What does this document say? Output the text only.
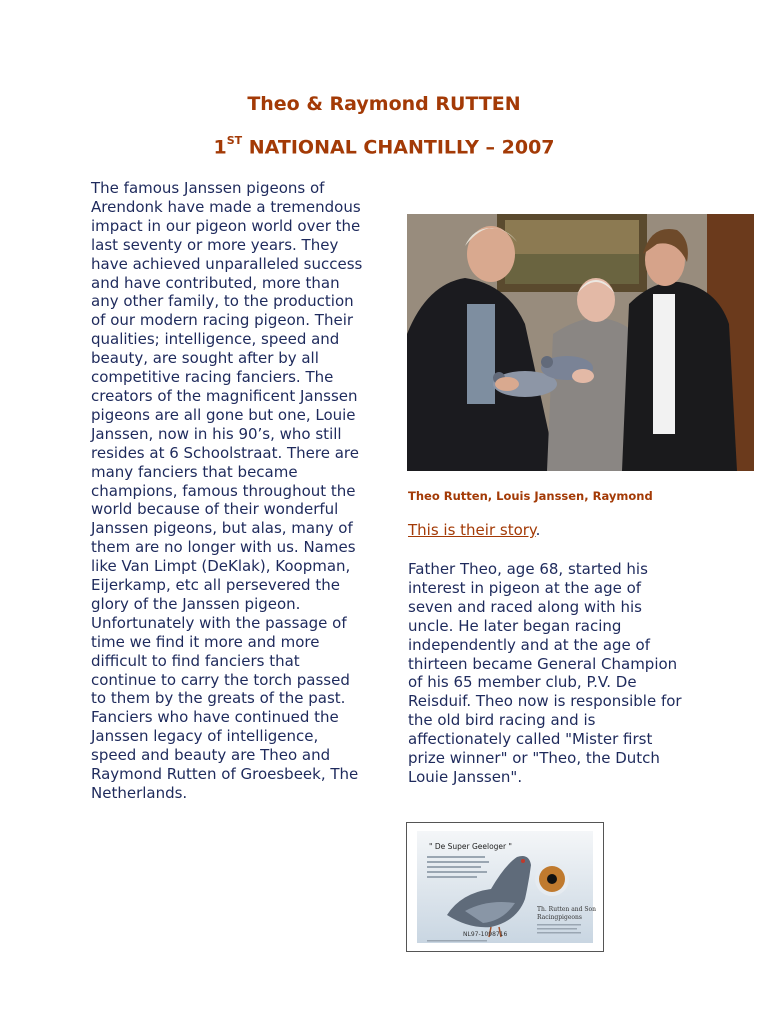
Theo & Raymond RUTTEN
1ST NATIONAL CHANTILLY – 2007

The famous Janssen pigeons of Arendonk have made a tremendous impact in our pigeon world over the last seventy or more years. They have achieved unparalleled success and have contributed, more than any other family, to the production of our modern racing pigeon. Their qualities; intelligence, speed and beauty, are sought after by all competitive racing fanciers. The creators of the magnificent Janssen pigeons are all gone but one, Louie Janssen, now in his 90’s, who still resides at 6 Schoolstraat. There are many fanciers that became champions, famous throughout the world because of their wonderful Janssen pigeons, but alas, many of them are no longer with us. Names like Van Limpt (DeKlak), Koopman, Eijerkamp, etc all persevered the glory of the Janssen pigeon. Unfortunately with the passage of time we find it more and more difficult to find fanciers that continue to carry the torch passed to them by the greats of the past. Fanciers who have continued the Janssen legacy of intelligence, speed and beauty are Theo and Raymond Rutten of Groesbeek, The Netherlands.

Theo Rutten, Louis Janssen, Raymond

This is their story.

Father Theo, age 68, started his interest in pigeon at the age of seven and raced along with his uncle. He later began racing independently and at the age of thirteen became General Champion of his 65 member club, P.V. De Reisduif. Theo now is responsible for the old bird racing and is affectionately called "Mister first prize winner" or "Theo, the Dutch Louie Janssen".

" De Super Geeloger "
NL97-1098716
Th. Rutten and Son
Racingpigeons
